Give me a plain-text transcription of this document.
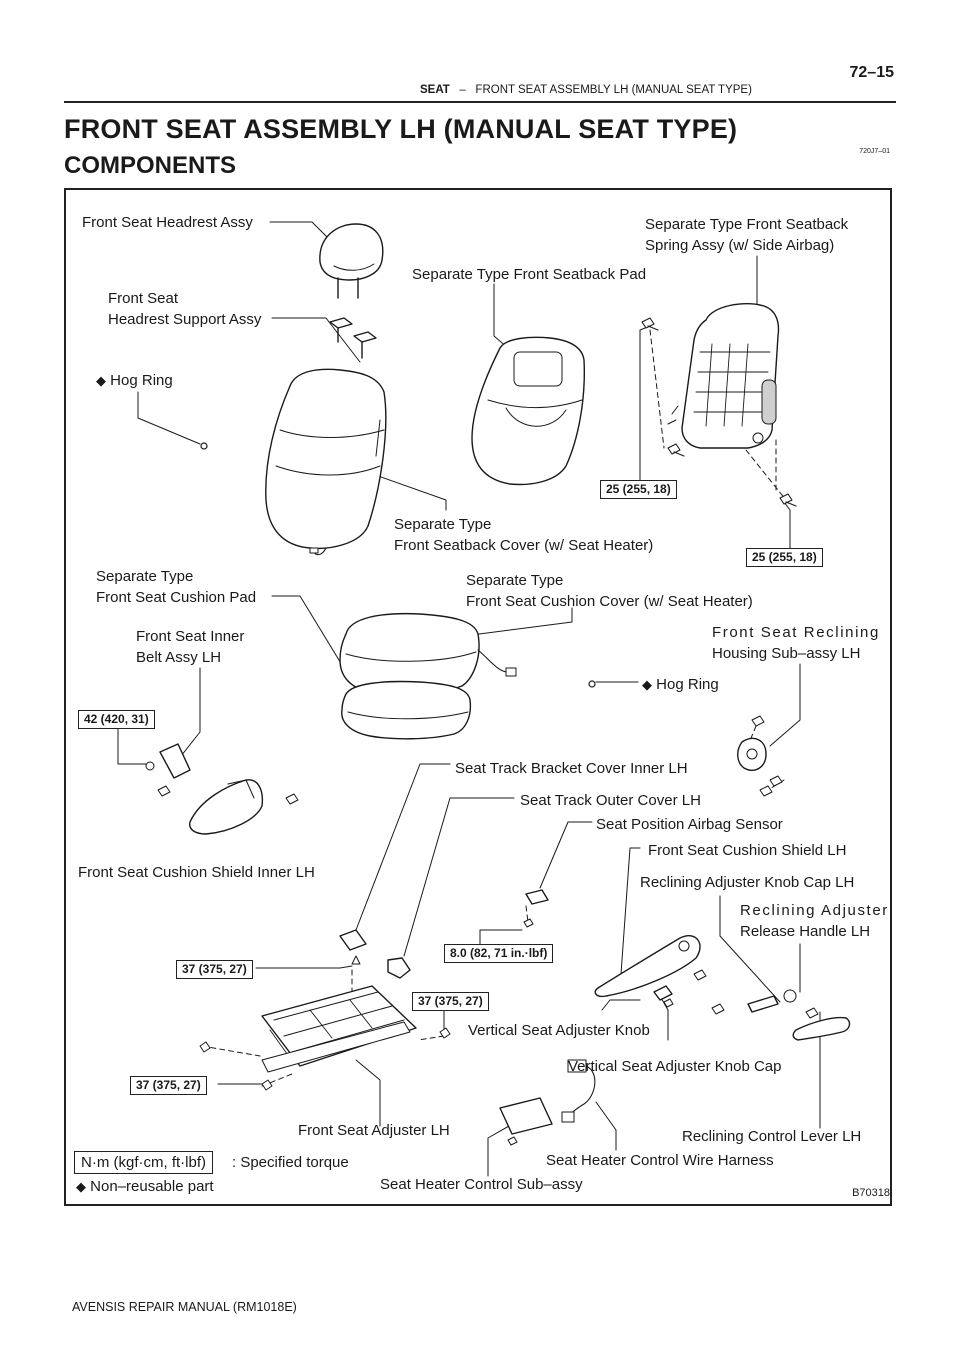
SEAT – FRONT SEAT ASSEMBLY LH (MANUAL SEAT TYPE)
72–15
FRONT SEAT ASSEMBLY LH (MANUAL SEAT TYPE)
COMPONENTS
720J7–01
Front Seat Headrest Assy
Front Seat
Headrest Support Assy
◆ Hog Ring
Separate Type Front Seatback Pad
Separate Type Front Seatback
Spring Assy (w/ Side Airbag)
Separate Type
Front Seatback Cover (w/ Seat Heater)
Separate Type
Front Seat Cushion Pad
Separate Type
Front Seat Cushion Cover (w/ Seat Heater)
Front Seat Inner
Belt Assy LH
Front Seat Reclining
Housing Sub–assy LH
◆ Hog Ring
Seat Track Bracket Cover Inner LH
Seat Track Outer Cover LH
Seat Position Airbag Sensor
Front Seat Cushion Shield LH
Front Seat Cushion Shield Inner LH
Reclining Adjuster Knob Cap LH
Reclining Adjuster
Release Handle LH
Vertical Seat Adjuster Knob
Vertical Seat Adjuster Knob Cap
Front Seat Adjuster LH	Reclining Control Lever LH
Seat Heater Control Wire Harness
Seat Heater Control Sub–assy
25 (255, 18)
25 (255, 18)
42 (420, 31)
8.0 (82, 71 in.·lbf)
37 (375, 27)
37 (375, 27)
37 (375, 27)
N·m (kgf·cm, ft·lbf)	: Specified torque
◆ Non–reusable part	B70318
AVENSIS REPAIR MANUAL (RM1018E)
